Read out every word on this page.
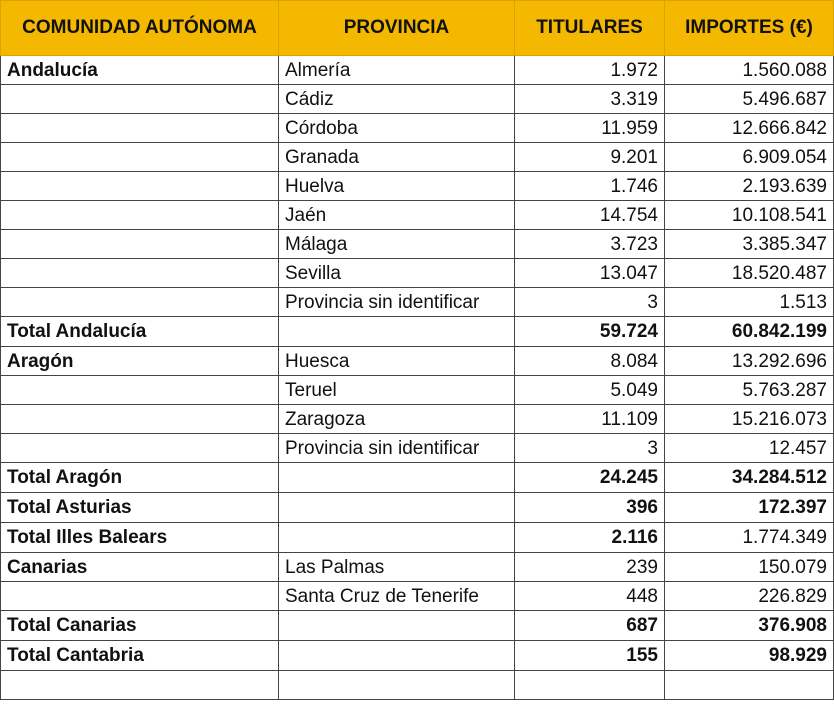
COMUNIDAD AUTÓNOMA	PROVINCIA	TITULARES	IMPORTES (€)
Andalucía	Almería	1.972	1.560.088
	Cádiz	3.319	5.496.687
	Córdoba	11.959	12.666.842
	Granada	9.201	6.909.054
	Huelva	1.746	2.193.639
	Jaén	14.754	10.108.541
	Málaga	3.723	3.385.347
	Sevilla	13.047	18.520.487
	Provincia sin identificar	3	1.513
Total Andalucía		59.724	60.842.199
Aragón	Huesca	8.084	13.292.696
	Teruel	5.049	5.763.287
	Zaragoza	11.109	15.216.073
	Provincia sin identificar	3	12.457
Total Aragón		24.245	34.284.512
Total Asturias		396	172.397
Total Illes Balears		2.116	1.774.349
Canarias	Las Palmas	239	150.079
	Santa Cruz de Tenerife	448	226.829
Total Canarias		687	376.908
Total Cantabria		155	98.929
